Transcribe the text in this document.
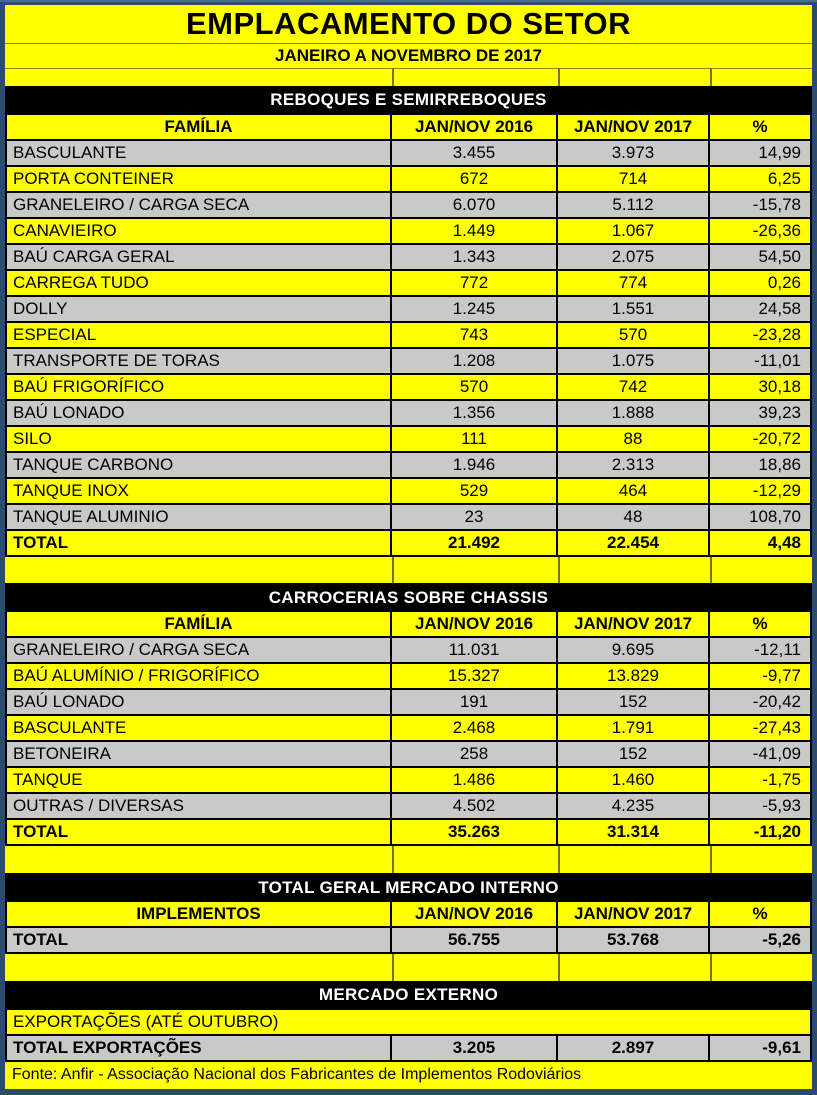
EMPLACAMENTO DO SETOR
JANEIRO A NOVEMBRO DE 2017
REBOQUES E SEMIRREBOQUES
FAMÍLIA	JAN/NOV 2016	JAN/NOV 2017	%
BASCULANTE	3.455	3.973	14,99
PORTA CONTEINER	672	714	6,25
GRANELEIRO / CARGA SECA	6.070	5.112	-15,78
CANAVIEIRO	1.449	1.067	-26,36
BAÚ CARGA GERAL	1.343	2.075	54,50
CARREGA TUDO	772	774	0,26
DOLLY	1.245	1.551	24,58
ESPECIAL	743	570	-23,28
TRANSPORTE DE TORAS	1.208	1.075	-11,01
BAÚ FRIGORÍFICO	570	742	30,18
BAÚ LONADO	1.356	1.888	39,23
SILO	111	88	-20,72
TANQUE CARBONO	1.946	2.313	18,86
TANQUE INOX	529	464	-12,29
TANQUE ALUMINIO	23	48	108,70
TOTAL	21.492	22.454	4,48
CARROCERIAS SOBRE CHASSIS
FAMÍLIA	JAN/NOV 2016	JAN/NOV 2017	%
GRANELEIRO / CARGA SECA	11.031	9.695	-12,11
BAÚ ALUMÍNIO / FRIGORÍFICO	15.327	13.829	-9,77
BAÚ LONADO	191	152	-20,42
BASCULANTE	2.468	1.791	-27,43
BETONEIRA	258	152	-41,09
TANQUE	1.486	1.460	-1,75
OUTRAS / DIVERSAS	4.502	4.235	-5,93
TOTAL	35.263	31.314	-11,20
TOTAL GERAL MERCADO INTERNO
IMPLEMENTOS	JAN/NOV 2016	JAN/NOV 2017	%
TOTAL	56.755	53.768	-5,26
MERCADO EXTERNO
EXPORTAÇÕES (ATÉ OUTUBRO)
TOTAL EXPORTAÇÕES	3.205	2.897	-9,61
Fonte: Anfir - Associação Nacional dos Fabricantes de Implementos Rodoviários
